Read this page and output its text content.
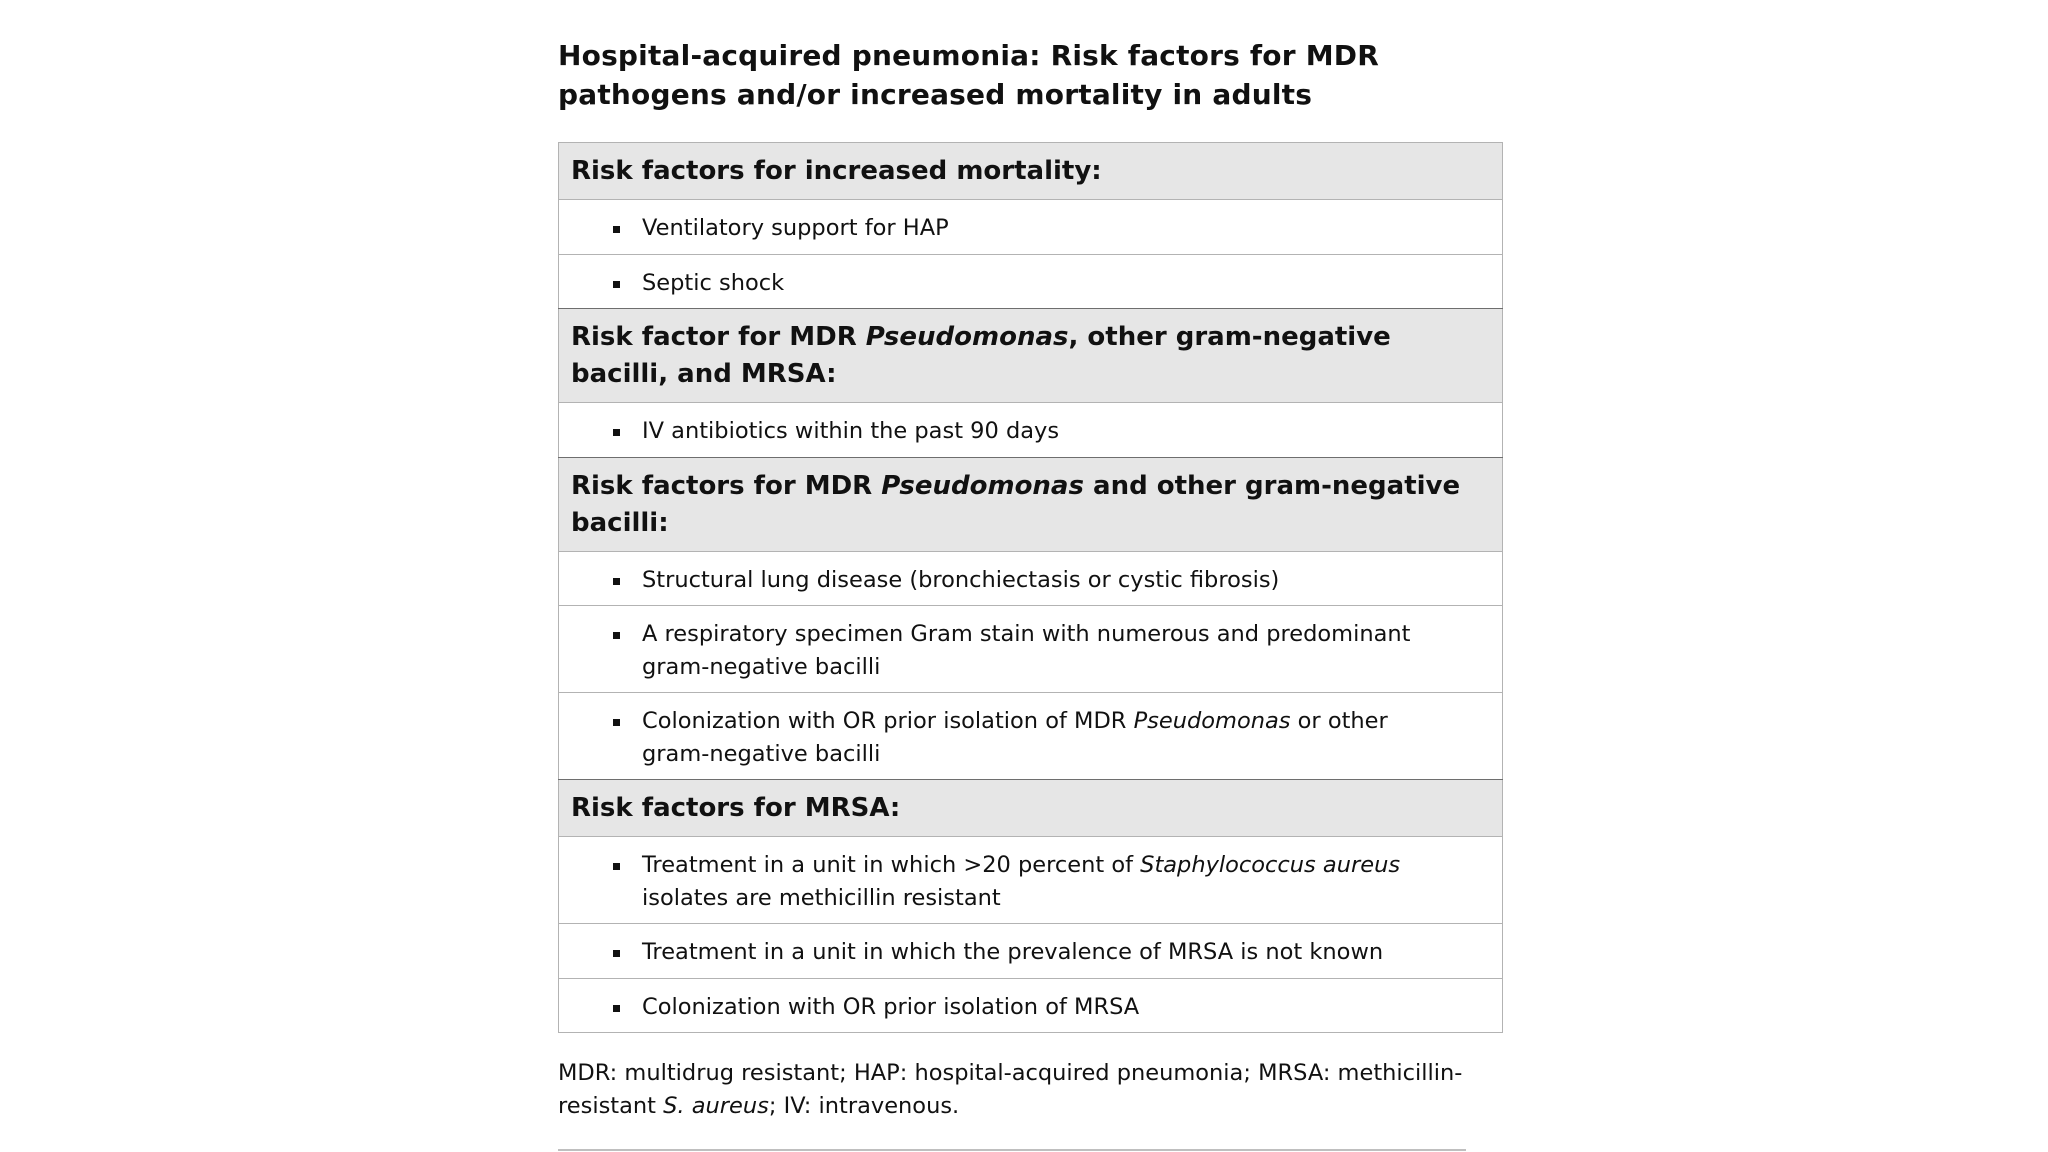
Hospital-acquired pneumonia: Risk factors for MDR pathogens and/or increased mortality in adults
Risk factors for increased mortality:

Ventilatory support for HAP

Septic shock
Risk factor for MDR Pseudomonas, other gram-negative bacilli, and MRSA:

IV antibiotics within the past 90 days
Risk factors for MDR Pseudomonas and other gram-negative bacilli:

Structural lung disease (bronchiectasis or cystic fibrosis)

A respiratory specimen Gram stain with numerous and predominant gram-negative bacilli

Colonization with OR prior isolation of MDR Pseudomonas or other gram-negative bacilli
Risk factors for MRSA:

Treatment in a unit in which >20 percent of Staphylococcus aureus isolates are methicillin resistant

Treatment in a unit in which the prevalence of MRSA is not known

Colonization with OR prior isolation of MRSA
MDR: multidrug resistant; HAP: hospital-acquired pneumonia; MRSA: methicillin-resistant S. aureus; IV: intravenous.
